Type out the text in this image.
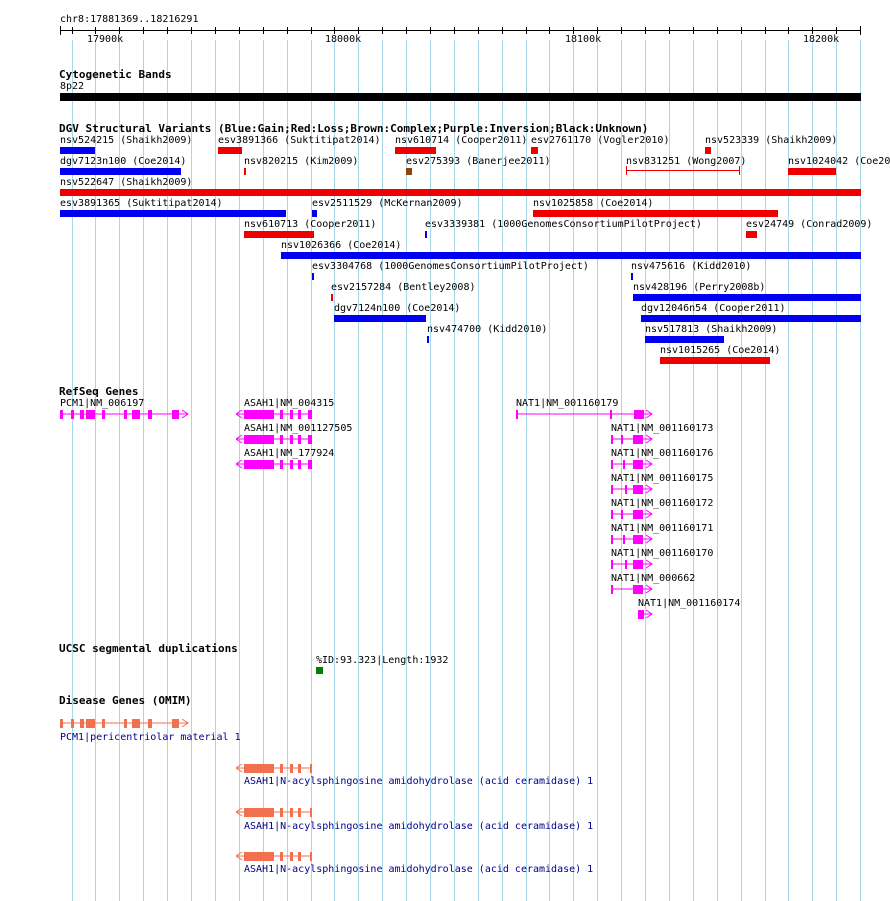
chr8:17881369..18216291
17900k	18000k	18100k	18200k
Cytogenetic Bands
8p22
DGV Structural Variants (Blue:Gain;Red:Loss;Brown:Complex;Purple:Inversion;Black:Unknown)
nsv524215 (Shaikh2009)	esv3891366 (Suktitipat2014) nsv610714 (Cooper2011) esv2761170 (Vogler2010)	nsv523339 (Shaikh2009)
dgv7123n100 (Coe2014)	nsv820215 (Kim2009)	esv275393 (Banerjee2011)	nsv831251 (Wong2007)	nsv1024042 (Coe20
nsv522647 (Shaikh2009)
esv3891365 (Suktitipat2014)	esv2511529 (McKernan2009)	nsv1025858 (Coe2014)
nsv610713 (Cooper2011)	esv3339381 (1000GenomesConsortiumPilotProject)	esv24749 (Conrad2009)
nsv1026366 (Coe2014)
esv3304768 (1000GenomesConsortiumPilotProject)	nsv475616 (Kidd2010)
esv2157284 (Bentley2008)	nsv428196 (Perry2008b)
dgv7124n100 (Coe2014)	dgv12046n54 (Cooper2011)
nsv474700 (Kidd2010)	nsv517813 (Shaikh2009)
nsv1015265 (Coe2014)
RefSeq Genes
PCM1|NM_006197	ASAH1|NM_004315
ASAH1|NM_001127505
ASAH1|NM_177924
NAT1|NM_001160179
NAT1|NM_001160173
NAT1|NM_001160176
NAT1|NM_001160175
NAT1|NM_001160172
NAT1|NM_001160171
NAT1|NM_001160170
NAT1|NM_000662
NAT1|NM_001160174
UCSC segmental duplications
%ID:93.323|Length:1932
Disease Genes (OMIM)
PCM1|pericentriolar material 1
ASAH1|N-acylsphingosine amidohydrolase (acid ceramidase) 1
ASAH1|N-acylsphingosine amidohydrolase (acid ceramidase) 1
ASAH1|N-acylsphingosine amidohydrolase (acid ceramidase) 1
